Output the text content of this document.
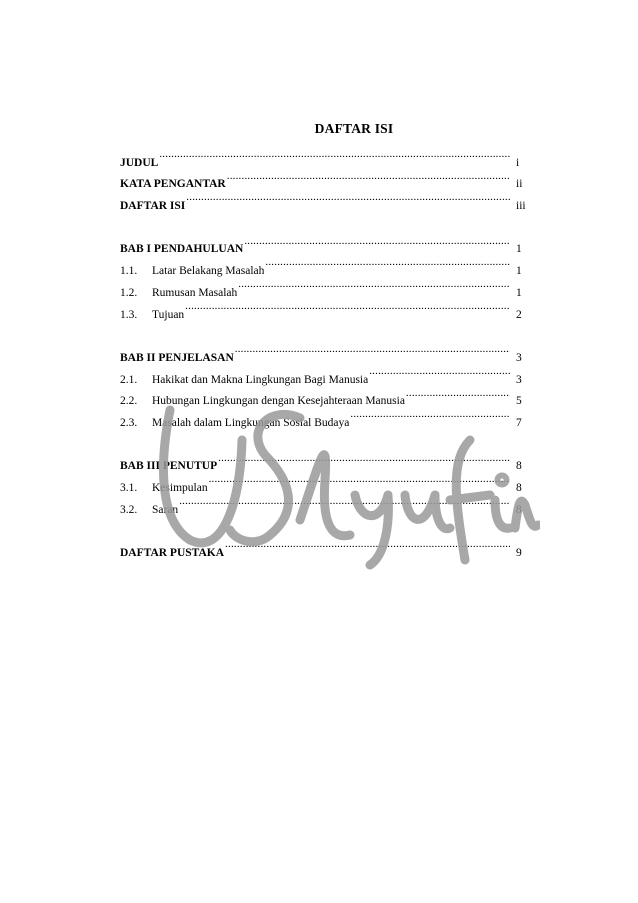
DAFTAR ISI
JUDUL .....	i
KATA PENGANTAR .....	ii
DAFTAR ISI .....	iii
BAB I PENDAHULUAN .....	1
1.1.	Latar Belakang Masalah .....	1
1.2.	Rumusan Masalah .....	1
1.3.	Tujuan .....	2
BAB II PENJELASAN .....	3
2.1.	Hakikat dan Makna Lingkungan Bagi Manusia .....	3
2.2.	Hubungan Lingkungan dengan Kesejahteraan Manusia .....	5
2.3.	Masalah dalam Lingkungan Sosial Budaya .....	7
BAB III PENUTUP .....	8
3.1.	Kesimpulan .....	8
3.2.	Saran .....	8
DAFTAR PUSTAKA .....	9
